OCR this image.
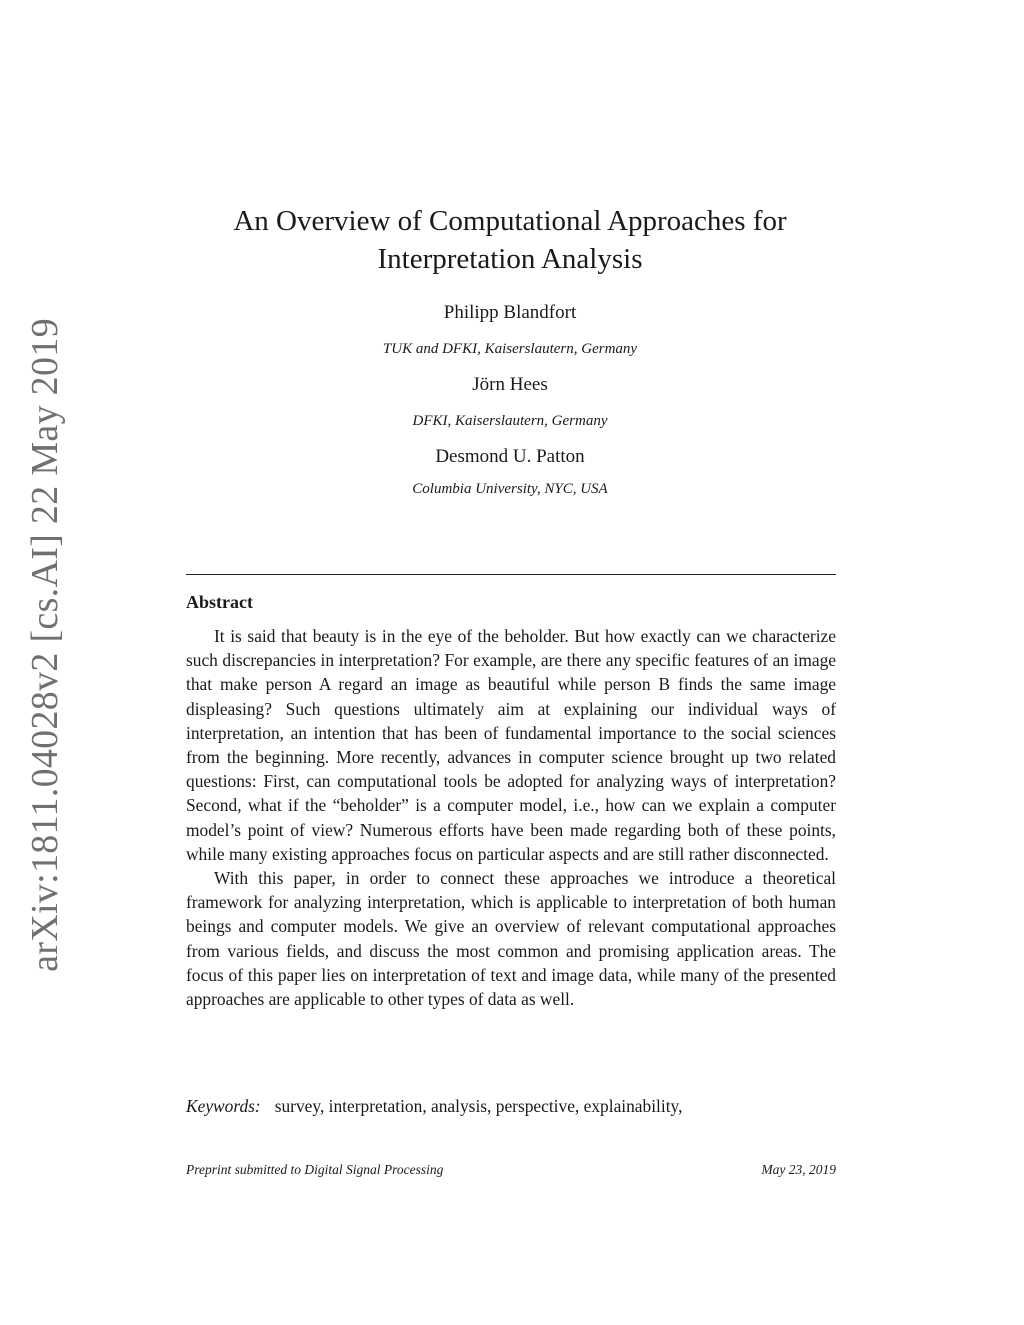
arXiv:1811.04028v2 [cs.AI] 22 May 2019
An Overview of Computational Approaches for
Interpretation Analysis
Philipp Blandfort
TUK and DFKI, Kaiserslautern, Germany
Jörn Hees
DFKI, Kaiserslautern, Germany
Desmond U. Patton
Columbia University, NYC, USA
Abstract

It is said that beauty is in the eye of the beholder. But how exactly can we characterize such discrepancies in interpretation? For example, are there any specific features of an image that make person A regard an image as beautiful while person B finds the same image displeasing? Such questions ultimately aim at explaining our individual ways of interpretation, an intention that has been of fundamental importance to the social sciences from the beginning. More recently, advances in computer science brought up two related questions: First, can computational tools be adopted for analyzing ways of interpretation? Second, what if the “beholder” is a computer model, i.e., how can we explain a computer model’s point of view? Numerous efforts have been made regarding both of these points, while many existing approaches focus on particular aspects and are still rather disconnected.

With this paper, in order to connect these approaches we introduce a theoretical framework for analyzing interpretation, which is applicable to interpretation of both human beings and computer models. We give an overview of relevant computational approaches from various fields, and discuss the most common and promising application areas. The focus of this paper lies on interpretation of text and image data, while many of the presented approaches are applicable to other types of data as well.

Keywords: survey, interpretation, analysis, perspective, explainability,
Preprint submitted to Digital Signal Processing	May 23, 2019
